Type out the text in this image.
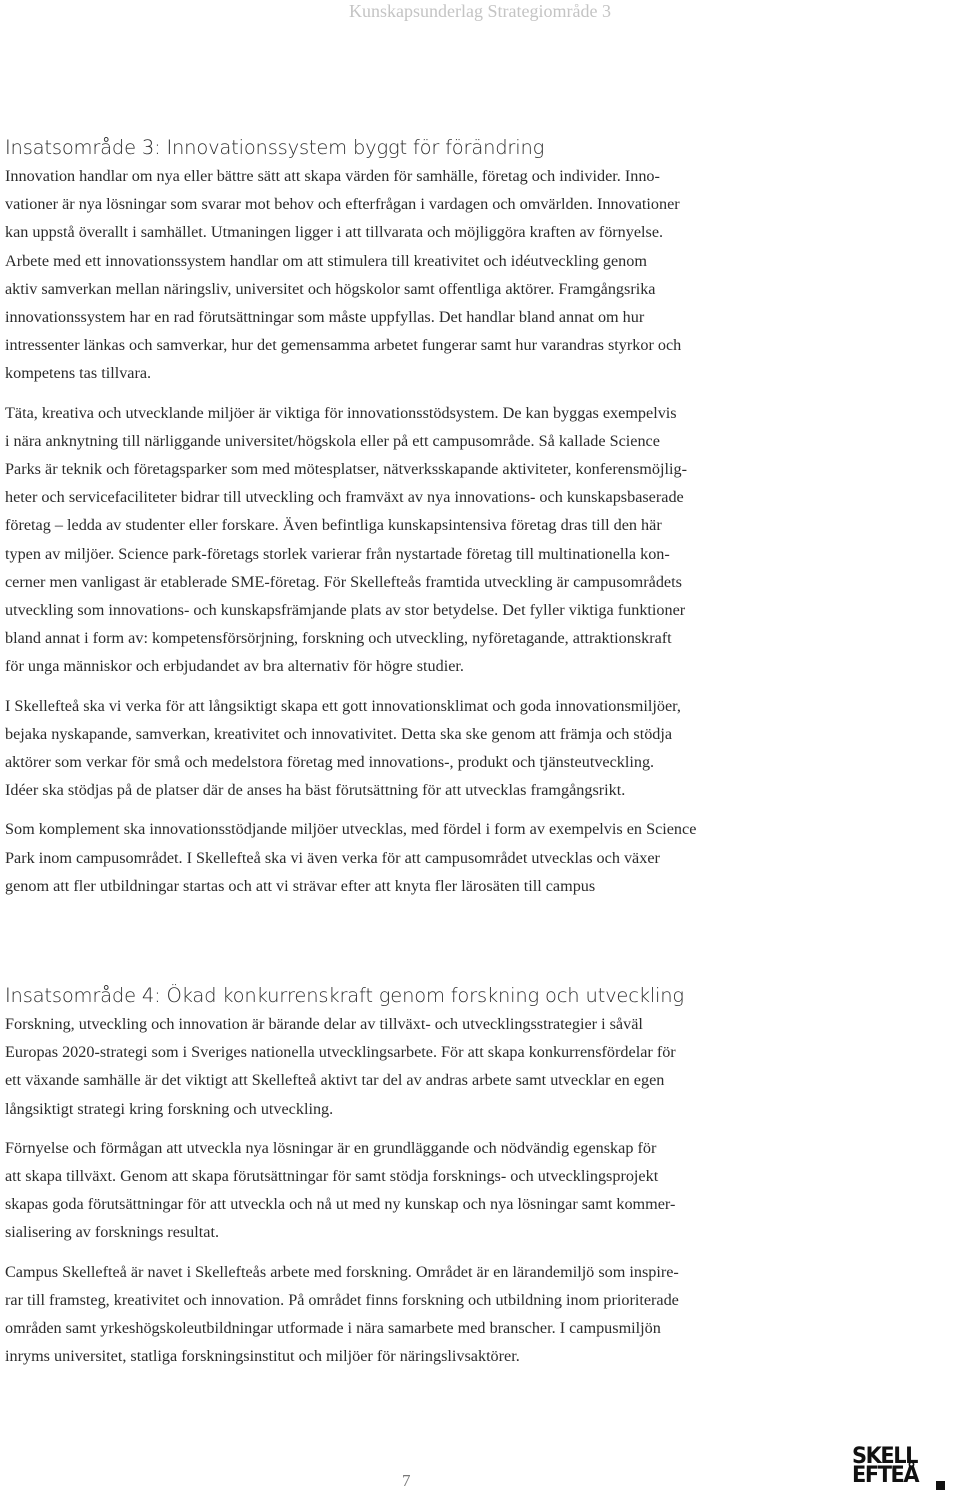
Kunskapsunderlag Strategiområde 3
Insatsområde 3: Innovationssystem byggt för förändring

Innovation handlar om nya eller bättre sätt att skapa värden för samhälle, företag och individer. Inno-
vationer är nya lösningar som svarar mot behov och efterfrågan i vardagen och omvärlden. Innovationer
kan uppstå överallt i samhället. Utmaningen ligger i att tillvarata och möjliggöra kraften av förnyelse.
Arbete med ett innovationssystem handlar om att stimulera till kreativitet och idéutveckling genom
aktiv samverkan mellan näringsliv, universitet och högskolor samt offentliga aktörer. Framgångsrika
innovationssystem har en rad förutsättningar som måste uppfyllas. Det handlar bland annat om hur
intressenter länkas och samverkar, hur det gemensamma arbetet fungerar samt hur varandras styrkor och
kompetens tas tillvara.

Täta, kreativa och utvecklande miljöer är viktiga för innovationsstödsystem. De kan byggas exempelvis
i nära anknytning till närliggande universitet/högskola eller på ett campusområde. Så kallade Science
Parks är teknik och företagsparker som med mötesplatser, nätverksskapande aktiviteter, konferensmöjlig-
heter och servicefaciliteter bidrar till utveckling och framväxt av nya innovations- och kunskapsbaserade
företag – ledda av studenter eller forskare. Även befintliga kunskapsintensiva företag dras till den här
typen av miljöer. Science park-företags storlek varierar från nystartade företag till multinationella kon-
cerner men vanligast är etablerade SME-företag. För Skellefteås framtida utveckling är campusområdets
utveckling som innovations- och kunskapsfrämjande plats av stor betydelse. Det fyller viktiga funktioner
bland annat i form av: kompetensförsörjning, forskning och utveckling, nyföretagande, attraktionskraft
för unga människor och erbjudandet av bra alternativ för högre studier.

I Skellefteå ska vi verka för att långsiktigt skapa ett gott innovationsklimat och goda innovationsmiljöer,
bejaka nyskapande, samverkan, kreativitet och innovativitet. Detta ska ske genom att främja och stödja
aktörer som verkar för små och medelstora företag med innovations-, produkt och tjänsteutveckling.
Idéer ska stödjas på de platser där de anses ha bäst förutsättning för att utvecklas framgångsrikt.

Som komplement ska innovationsstödjande miljöer utvecklas, med fördel i form av exempelvis en Science
Park inom campusområdet. I Skellefteå ska vi även verka för att campusområdet utvecklas och växer
genom att fler utbildningar startas och att vi strävar efter att knyta fler lärosäten till campus

Insatsområde 4: Ökad konkurrenskraft genom forskning och utveckling

Forskning, utveckling och innovation är bärande delar av tillväxt- och utvecklingsstrategier i såväl
Europas 2020-strategi som i Sveriges nationella utvecklingsarbete. För att skapa konkurrensfördelar för
ett växande samhälle är det viktigt att Skellefteå aktivt tar del av andras arbete samt utvecklar en egen
långsiktigt strategi kring forskning och utveckling.

Förnyelse och förmågan att utveckla nya lösningar är en grundläggande och nödvändig egenskap för
att skapa tillväxt. Genom att skapa förutsättningar för samt stödja forsknings- och utvecklingsprojekt
skapas goda förutsättningar för att utveckla och nå ut med ny kunskap och nya lösningar samt kommer-
sialisering av forsknings resultat.

Campus Skellefteå är navet i Skellefteås arbete med forskning. Området är en lärandemiljö som inspire-
rar till framsteg, kreativitet och innovation. På området finns forskning och utbildning inom prioriterade
områden samt yrkeshögskoleutbildningar utformade i nära samarbete med branscher. I campusmiljön
inryms universitet, statliga forskningsinstitut och miljöer för näringslivsaktörer.

7
SKELL
EFTEÅ
